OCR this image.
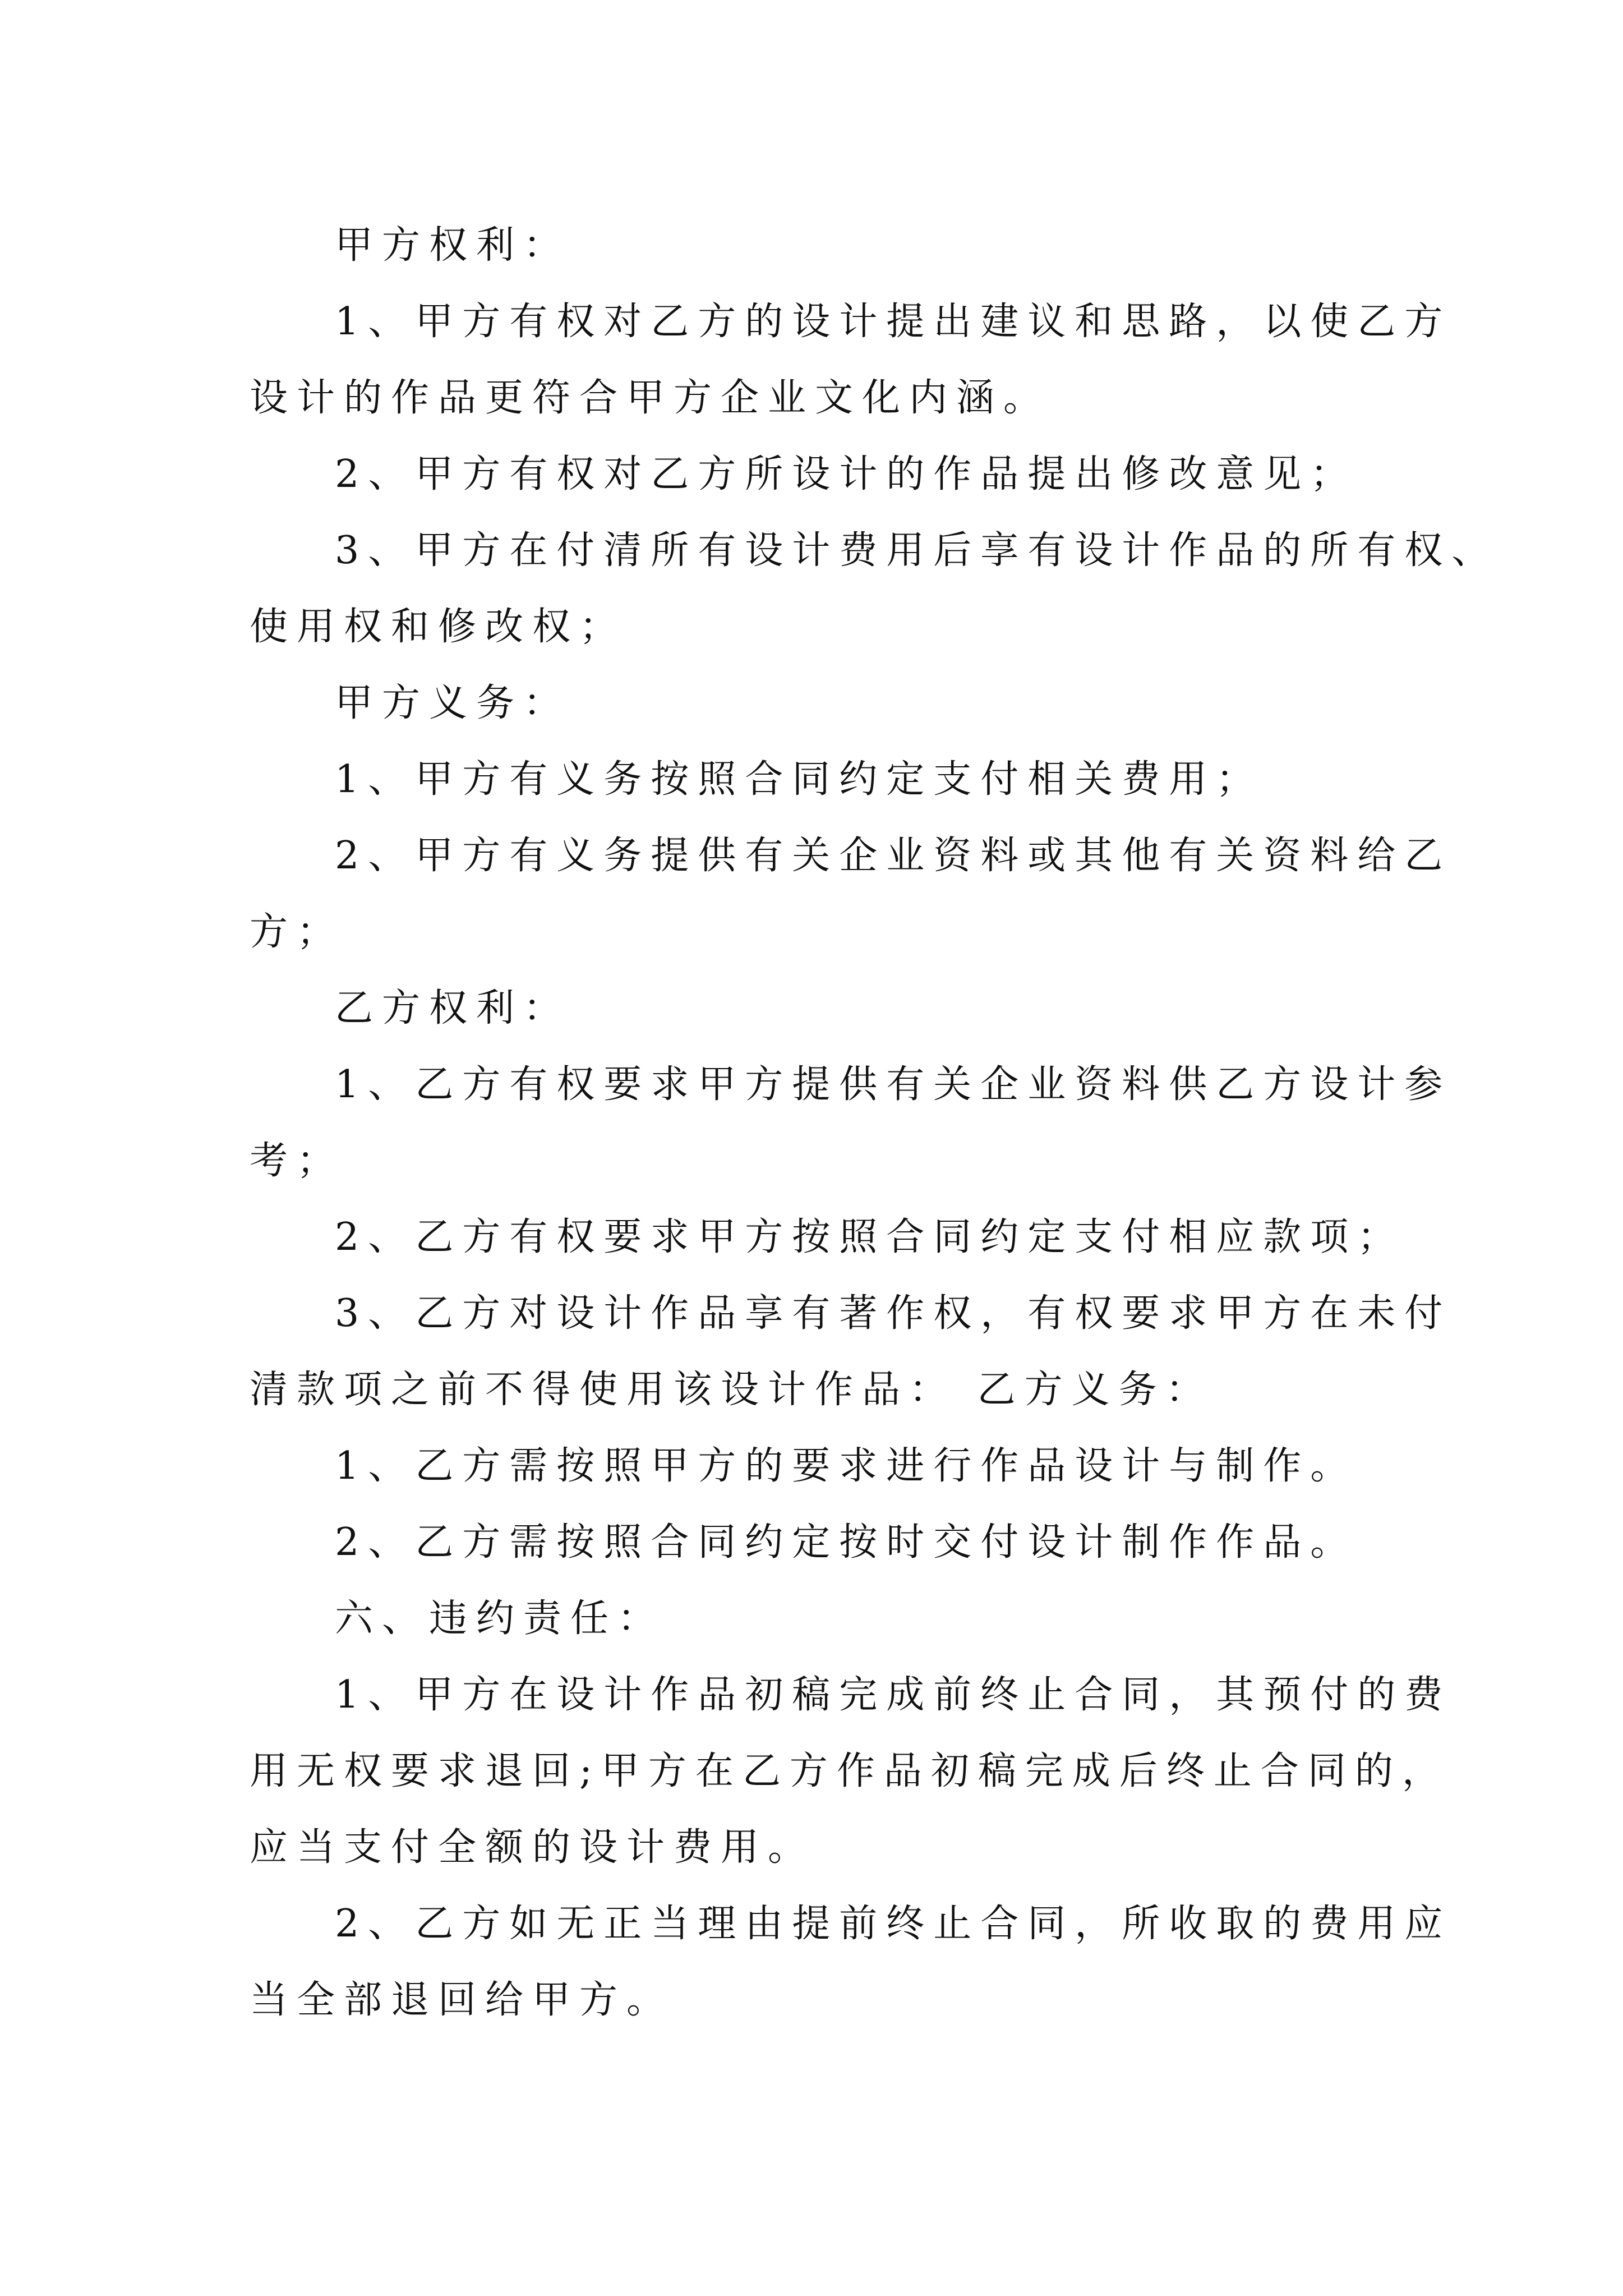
甲方权利：
1、甲方有权对乙方的设计提出建议和思路，以使乙方
设计的作品更符合甲方企业文化内涵。
2、甲方有权对乙方所设计的作品提出修改意见；
3、甲方在付清所有设计费用后享有设计作品的所有权、
使用权和修改权；
甲方义务：
1、甲方有义务按照合同约定支付相关费用；
2、甲方有义务提供有关企业资料或其他有关资料给乙
方；
乙方权利：
1、乙方有权要求甲方提供有关企业资料供乙方设计参
考；
2、乙方有权要求甲方按照合同约定支付相应款项；
3、乙方对设计作品享有著作权，有权要求甲方在未付
清款项之前不得使用该设计作品： 乙方义务：
1、乙方需按照甲方的要求进行作品设计与制作。
2、乙方需按照合同约定按时交付设计制作作品。
六、违约责任：
1、甲方在设计作品初稿完成前终止合同，其预付的费
用无权要求退回;甲方在乙方作品初稿完成后终止合同的，
应当支付全额的设计费用。
2、乙方如无正当理由提前终止合同，所收取的费用应
当全部退回给甲方。
